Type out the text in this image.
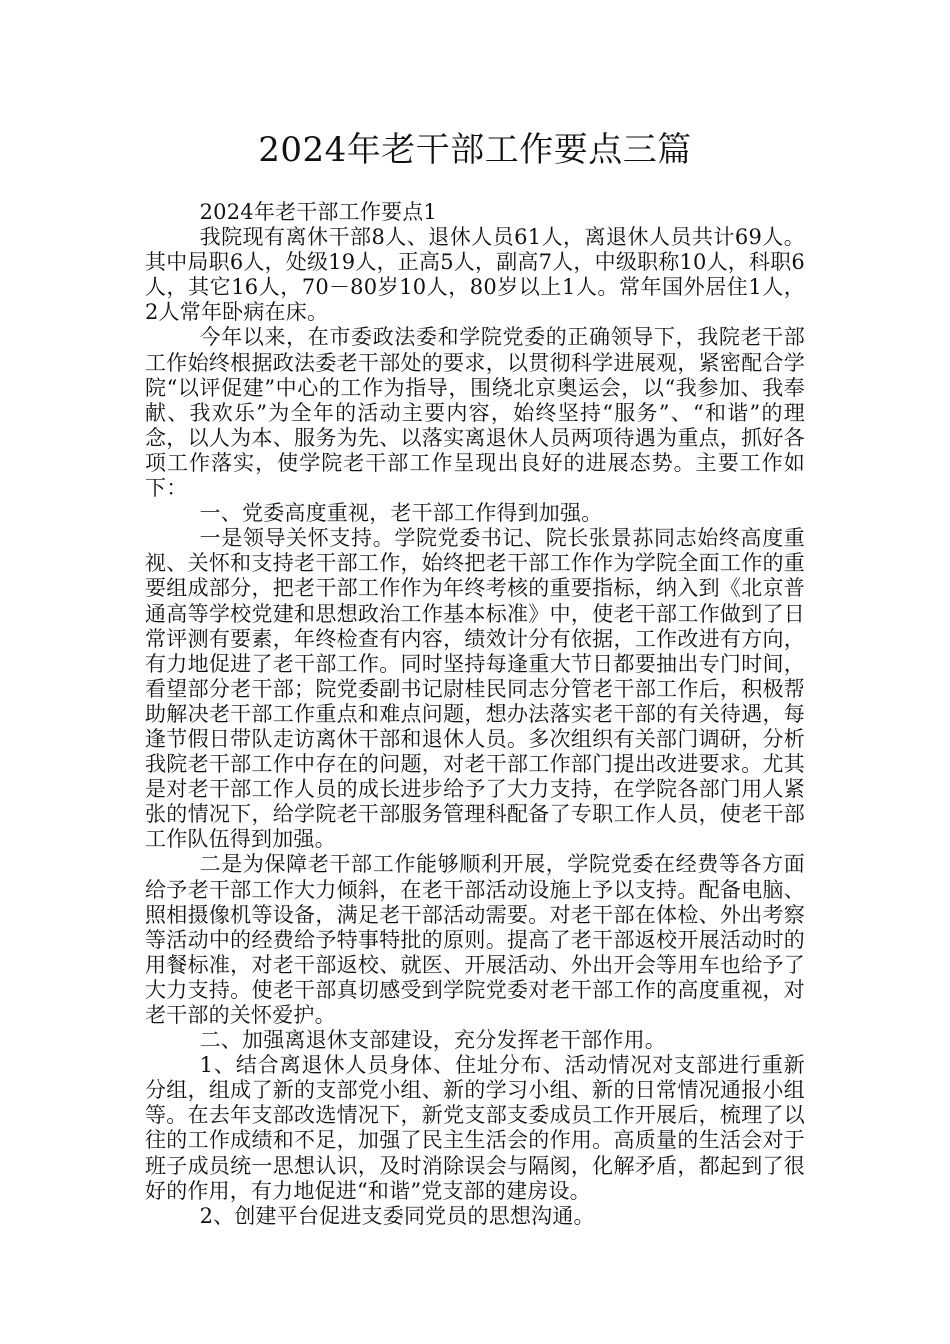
2024年老干部工作要点三篇

2024年老干部工作要点1

我院现有离休干部8人、退休人员61人，离退休人员共计69人。其中局职6人，处级19人，正高5人，副高7人，中级职称10人，科职6人，其它16人，70－80岁10人，80岁以上1人。常年国外居住1人，2人常年卧病在床。

今年以来，在市委政法委和学院党委的正确领导下，我院老干部工作始终根据政法委老干部处的要求，以贯彻科学进展观，紧密配合学院“以评促建”中心的工作为指导，围绕北京奥运会，以“我参加、我奉献、我欢乐”为全年的活动主要内容，始终坚持“服务”、“和谐”的理念，以人为本、服务为先、以落实离退休人员两项待遇为重点，抓好各项工作落实，使学院老干部工作呈现出良好的进展态势。主要工作如下：

一、党委高度重视，老干部工作得到加强。

一是领导关怀支持。学院党委书记、院长张景荪同志始终高度重视、关怀和支持老干部工作，始终把老干部工作作为学院全面工作的重要组成部分，把老干部工作作为年终考核的重要指标，纳入到《北京普通高等学校党建和思想政治工作基本标准》中，使老干部工作做到了日常评测有要素，年终检查有内容，绩效计分有依据，工作改进有方向，有力地促进了老干部工作。同时坚持每逢重大节日都要抽出专门时间，看望部分老干部；院党委副书记尉桂民同志分管老干部工作后，积极帮助解决老干部工作重点和难点问题，想办法落实老干部的有关待遇，每逢节假日带队走访离休干部和退休人员。多次组织有关部门调研，分析我院老干部工作中存在的问题，对老干部工作部门提出改进要求。尤其是对老干部工作人员的成长进步给予了大力支持，在学院各部门用人紧张的情况下，给学院老干部服务管理科配备了专职工作人员，使老干部工作队伍得到加强。

二是为保障老干部工作能够顺利开展，学院党委在经费等各方面给予老干部工作大力倾斜，在老干部活动设施上予以支持。配备电脑、照相摄像机等设备，满足老干部活动需要。对老干部在体检、外出考察等活动中的经费给予特事特批的原则。提高了老干部返校开展活动时的用餐标准，对老干部返校、就医、开展活动、外出开会等用车也给予了大力支持。使老干部真切感受到学院党委对老干部工作的高度重视，对老干部的关怀爱护。

二、加强离退休支部建设，充分发挥老干部作用。

1、结合离退休人员身体、住址分布、活动情况对支部进行重新分组，组成了新的支部党小组、新的学习小组、新的日常情况通报小组等。在去年支部改选情况下，新党支部支委成员工作开展后，梳理了以往的工作成绩和不足，加强了民主生活会的作用。高质量的生活会对于班子成员统一思想认识，及时消除误会与隔阂，化解矛盾，都起到了很好的作用，有力地促进“和谐”党支部的建房设。

2、创建平台促进支委同党员的思想沟通。
